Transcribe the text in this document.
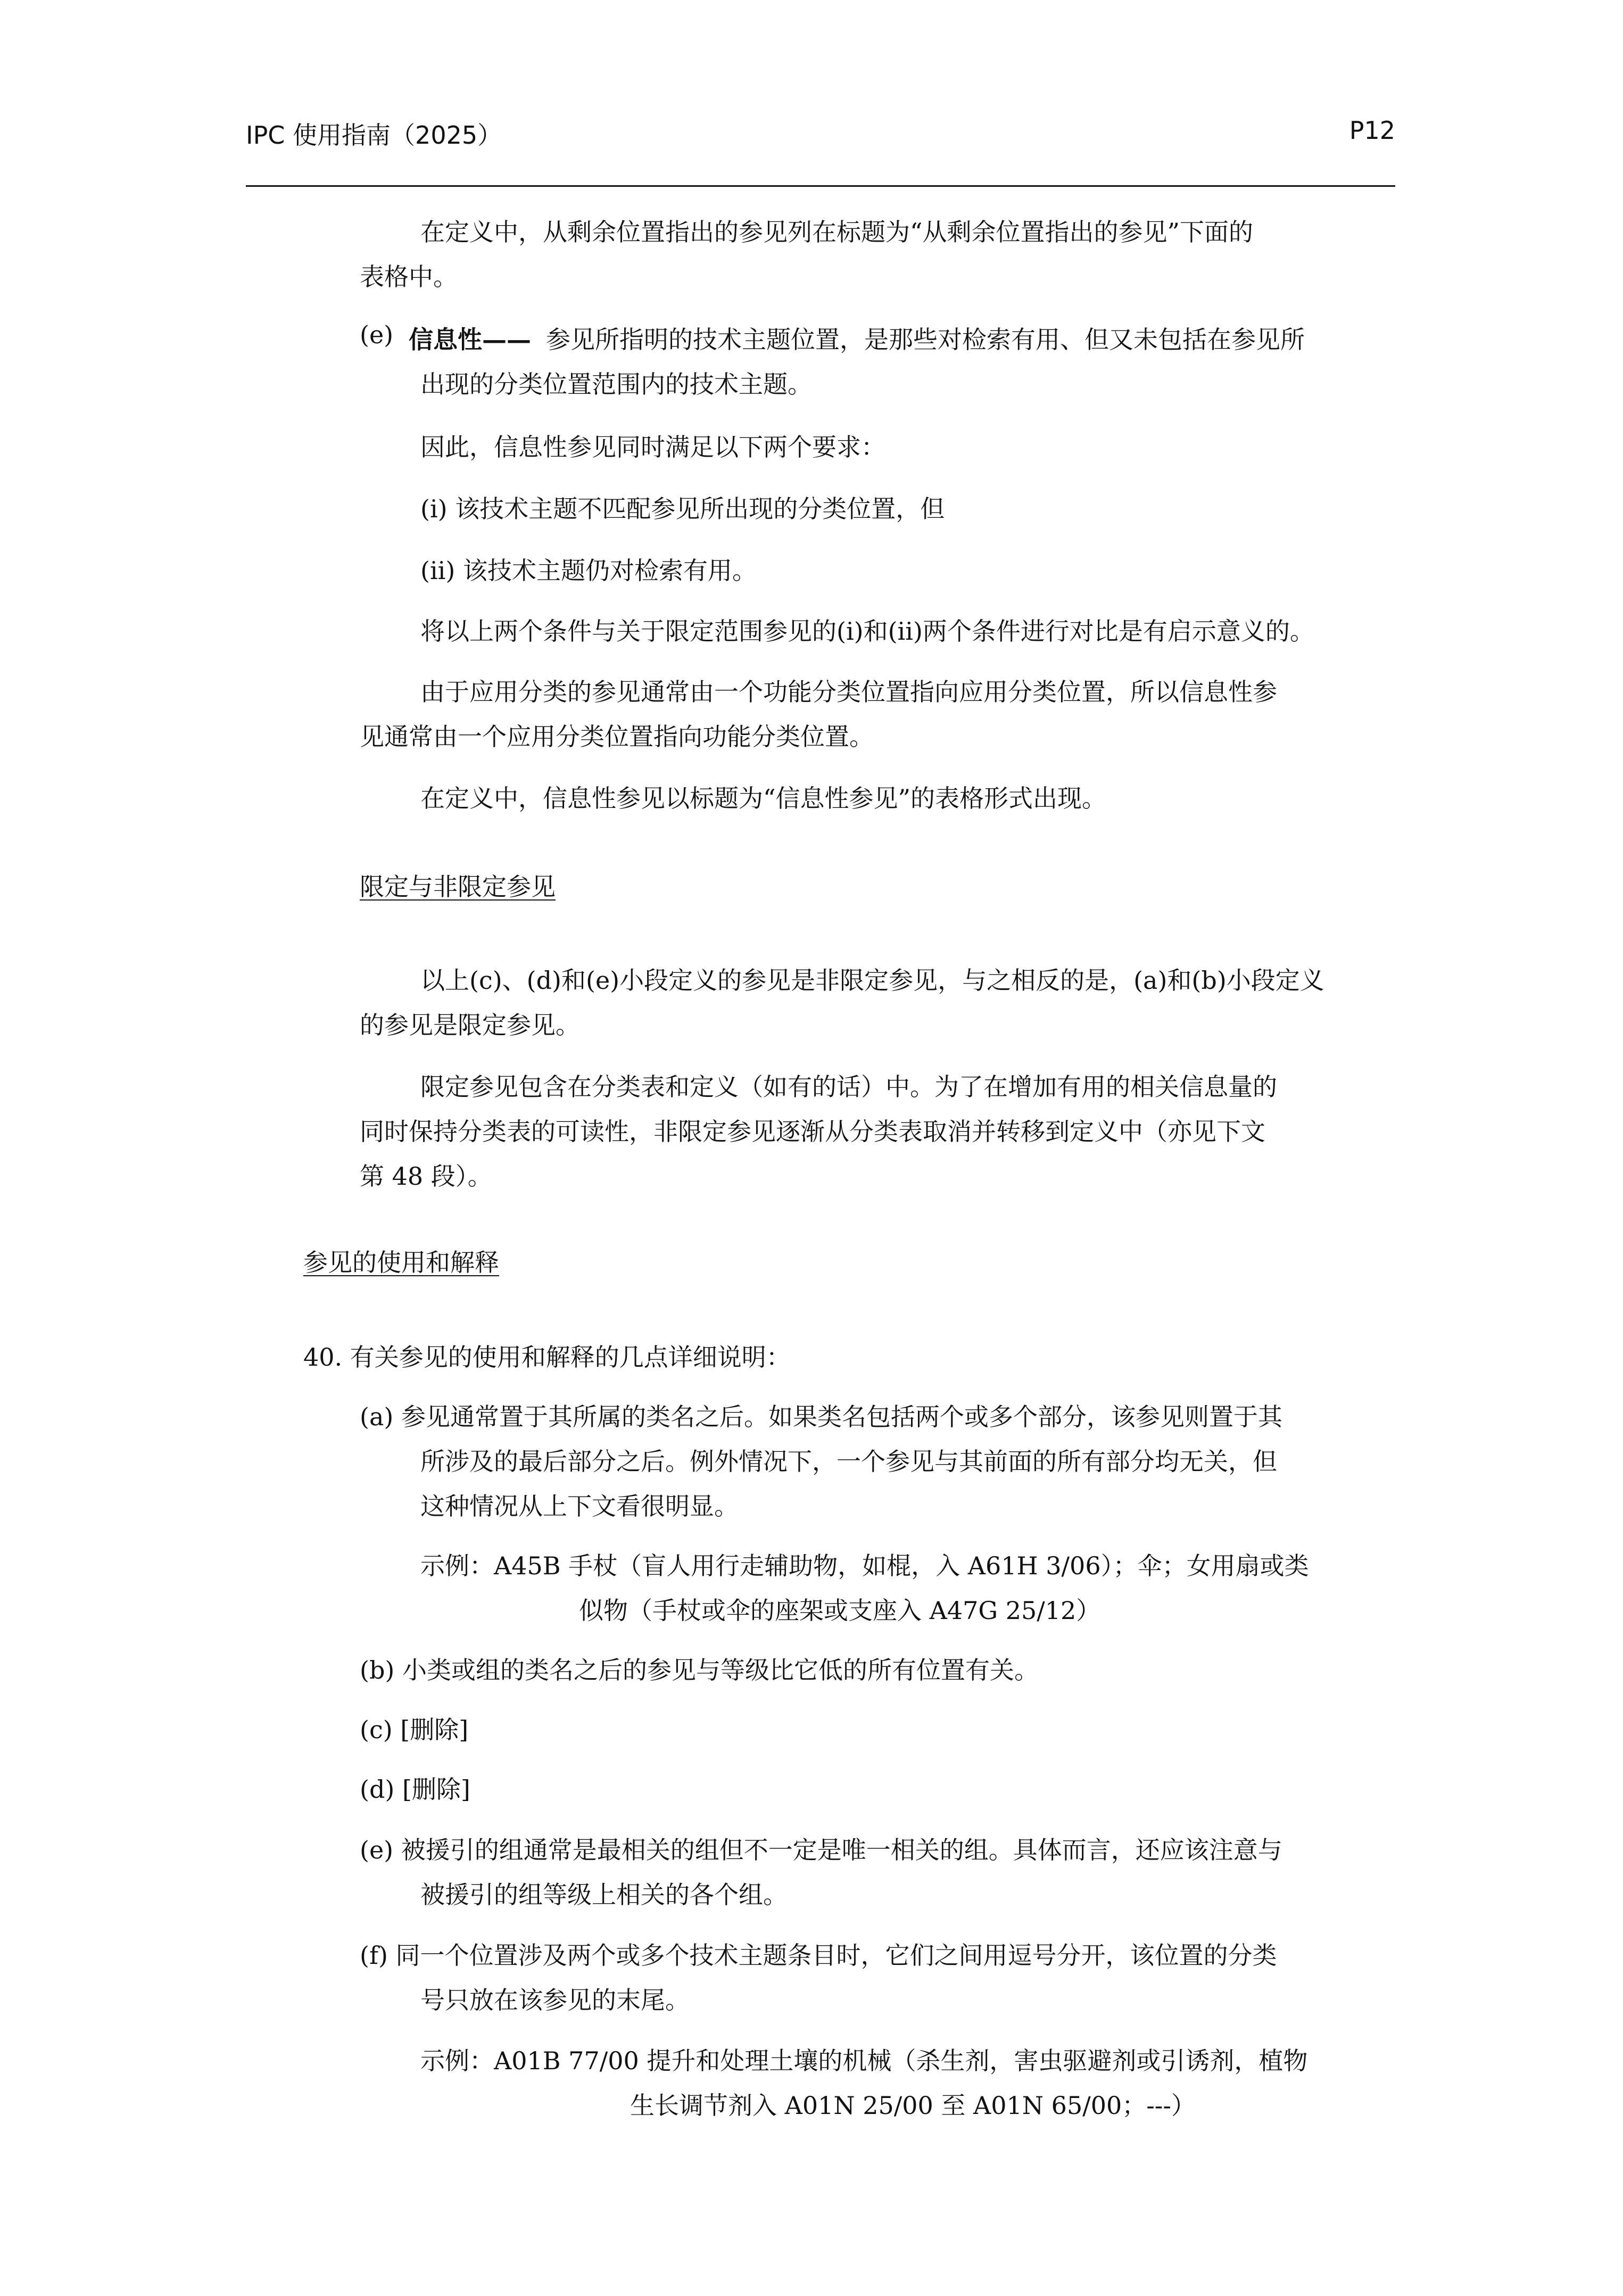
IPC 使用指南（2025）	P12
在定义中，从剩余位置指出的参见列在标题为“从剩余位置指出的参见”下面的
表格中。
(e) 信息性—— 参见所指明的技术主题位置，是那些对检索有用、但又未包括在参见所
出现的分类位置范围内的技术主题。
因此，信息性参见同时满足以下两个要求：
(i) 该技术主题不匹配参见所出现的分类位置，但
(ii) 该技术主题仍对检索有用。
将以上两个条件与关于限定范围参见的(i)和(ii)两个条件进行对比是有启示意义的。
由于应用分类的参见通常由一个功能分类位置指向应用分类位置，所以信息性参
见通常由一个应用分类位置指向功能分类位置。
在定义中，信息性参见以标题为“信息性参见”的表格形式出现。
限定与非限定参见
以上(c)、(d)和(e)小段定义的参见是非限定参见，与之相反的是，(a)和(b)小段定义
的参见是限定参见。
限定参见包含在分类表和定义（如有的话）中。为了在增加有用的相关信息量的
同时保持分类表的可读性，非限定参见逐渐从分类表取消并转移到定义中（亦见下文
第 48 段）。
参见的使用和解释
40. 有关参见的使用和解释的几点详细说明：
(a) 参见通常置于其所属的类名之后。如果类名包括两个或多个部分，该参见则置于其
所涉及的最后部分之后。例外情况下，一个参见与其前面的所有部分均无关，但
这种情况从上下文看很明显。
示例：A45B 手杖（盲人用行走辅助物，如棍，入 A61H 3/06）；伞；女用扇或类
似物（手杖或伞的座架或支座入 A47G 25/12）
(b) 小类或组的类名之后的参见与等级比它低的所有位置有关。
(c) [删除]
(d) [删除]
(e) 被援引的组通常是最相关的组但不一定是唯一相关的组。具体而言，还应该注意与
被援引的组等级上相关的各个组。
(f) 同一个位置涉及两个或多个技术主题条目时，它们之间用逗号分开，该位置的分类
号只放在该参见的末尾。
示例：A01B 77/00 提升和处理土壤的机械（杀生剂，害虫驱避剂或引诱剂，植物
生长调节剂入 A01N 25/00 至 A01N 65/00；---）
